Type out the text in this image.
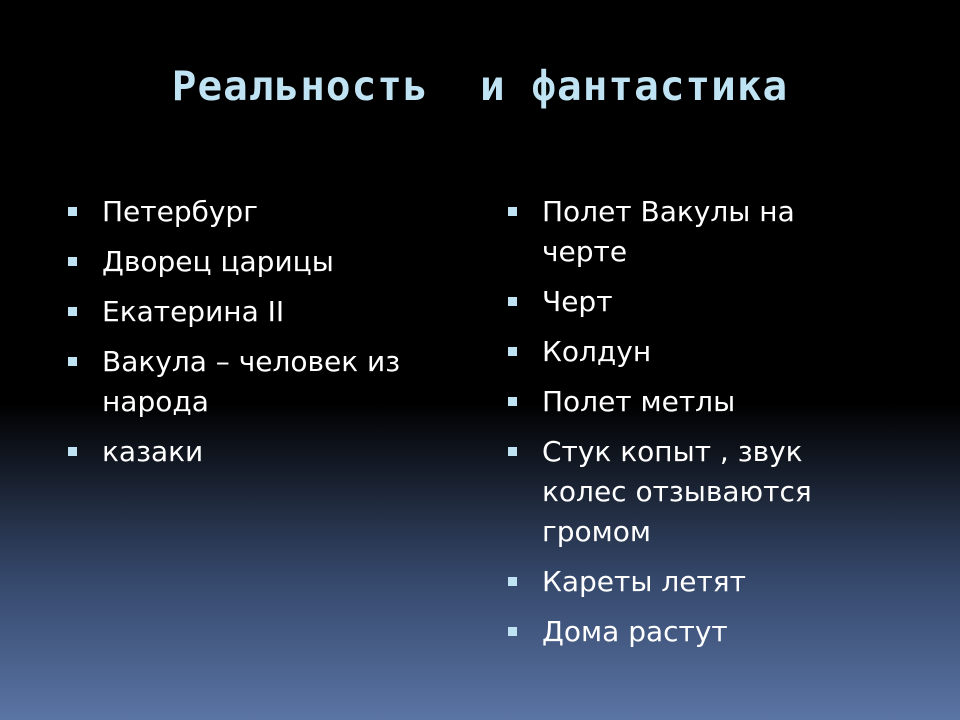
Реальность  и фантастика
Петербург
Дворец царицы
Екатерина II
Вакула – человек из народа
казаки
Полет Вакулы на черте
Черт
Колдун
Полет метлы
Стук копыт , звук колес отзываются громом
Кареты летят
Дома растут
